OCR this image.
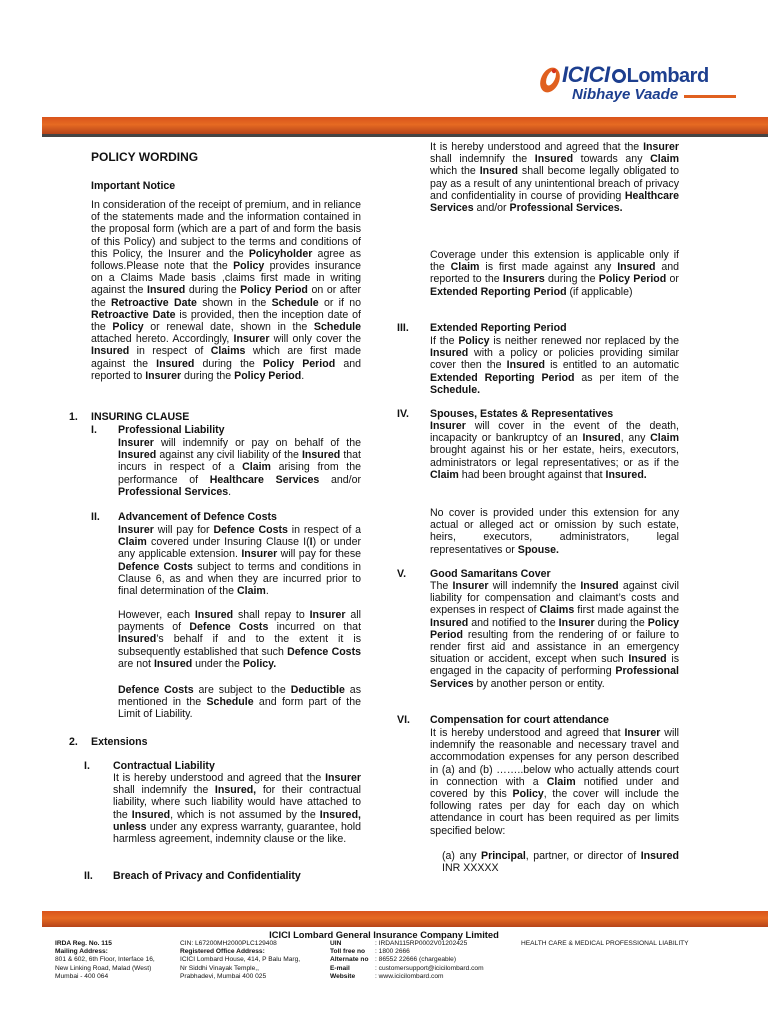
ICICI Lombard
Nibhaye Vaade
POLICY WORDING
Important Notice
In consideration of the receipt of premium, and in reliance of the statements made and the information contained in the proposal form (which are a part of and form the basis of this Policy) and subject to the terms and conditions of this Policy, the Insurer and the Policyholder agree as follows.Please note that the Policy provides insurance on a Claims Made basis ,claims first made in writing against the Insured during the Policy Period on or after the Retroactive Date shown in the Schedule or if no Retroactive Date is provided, then the inception date of the Policy or renewal date, shown in the Schedule attached hereto. Accordingly, Insurer will only cover the Insured in respect of Claims which are first made against the Insured during the Policy Period and reported to Insurer during the Policy Period.
1. INSURING CLAUSE
I. Professional Liability
Insurer will indemnify or pay on behalf of the Insured against any civil liability of the Insured that incurs in respect of a Claim arising from the performance of Healthcare Services and/or Professional Services.
II. Advancement of Defence Costs
Insurer will pay for Defence Costs in respect of a Claim covered under Insuring Clause I(I) or under any applicable extension. Insurer will pay for these Defence Costs subject to terms and conditions in Clause 6, as and when they are incurred prior to final determination of the Claim.
However, each Insured shall repay to Insurer all payments of Defence Costs incurred on that Insured’s behalf if and to the extent it is subsequently established that such Defence Costs are not Insured under the Policy.
Defence Costs are subject to the Deductible as mentioned in the Schedule and form part of the Limit of Liability.
2. Extensions
I. Contractual Liability
It is hereby understood and agreed that the Insurer shall indemnify the Insured, for their contractual liability, where such liability would have attached to the Insured, which is not assumed by the Insured, unless under any express warranty, guarantee, hold harmless agreement, indemnity clause or the like.
II. Breach of Privacy and Confidentiality
It is hereby understood and agreed that the Insurer shall indemnify the Insured towards any Claim which the Insured shall become legally obligated to pay as a result of any unintentional breach of privacy and confidentiality in course of providing Healthcare Services and/or Professional Services.
Coverage under this extension is applicable only if the Claim is first made against any Insured and reported to the Insurers during the Policy Period or Extended Reporting Period (if applicable)
III. Extended Reporting Period
If the Policy is neither renewed nor replaced by the Insured with a policy or policies providing similar cover then the Insured is entitled to an automatic Extended Reporting Period as per item of the Schedule.
IV. Spouses, Estates & Representatives
Insurer will cover in the event of the death, incapacity or bankruptcy of an Insured, any Claim brought against his or her estate, heirs, executors, administrators or legal representatives; or as if the Claim had been brought against that Insured.
No cover is provided under this extension for any actual or alleged act or omission by such estate, heirs, executors, administrators, legal representatives or Spouse.
V. Good Samaritans Cover
The Insurer will indemnify the Insured against civil liability for compensation and claimant’s costs and expenses in respect of Claims first made against the Insured and notified to the Insurer during the Policy Period resulting from the rendering of or failure to render first aid and assistance in an emergency situation or accident, except when such Insured is engaged in the capacity of performing Professional Services by another person or entity.
VI. Compensation for court attendance
It is hereby understood and agreed that Insurer will indemnify the reasonable and necessary travel and accommodation expenses for any person described in (a) and (b) ……..below who actually attends court in connection with a Claim notified under and covered by this Policy, the cover will include the following rates per day for each day on which attendance in court has been required as per limits specified below:
(a) any Principal, partner, or director of Insured INR XXXXX
ICICI Lombard General Insurance Company Limited
IRDA Reg. No. 115
Mailing Address:
801 & 602, 6th Floor, Interface 16,
New Linking Road, Malad (West)
Mumbai - 400 064
CIN: L67200MH2000PLC129408
Registered Office Address:
ICICI Lombard House, 414, P Balu Marg,
Nr Siddhi Vinayak Temple,,
Prabhadevi, Mumbai 400 025
UIN
Toll free no
Alternate no
E-mail
Website
: IRDAN115RP0002V01202425
: 1800 2666
: 86552 22666 (chargeable)
: customersupport@icicilombard.com
: www.icicilombard.com
HEALTH CARE & MEDICAL PROFESSIONAL LIABILITY
